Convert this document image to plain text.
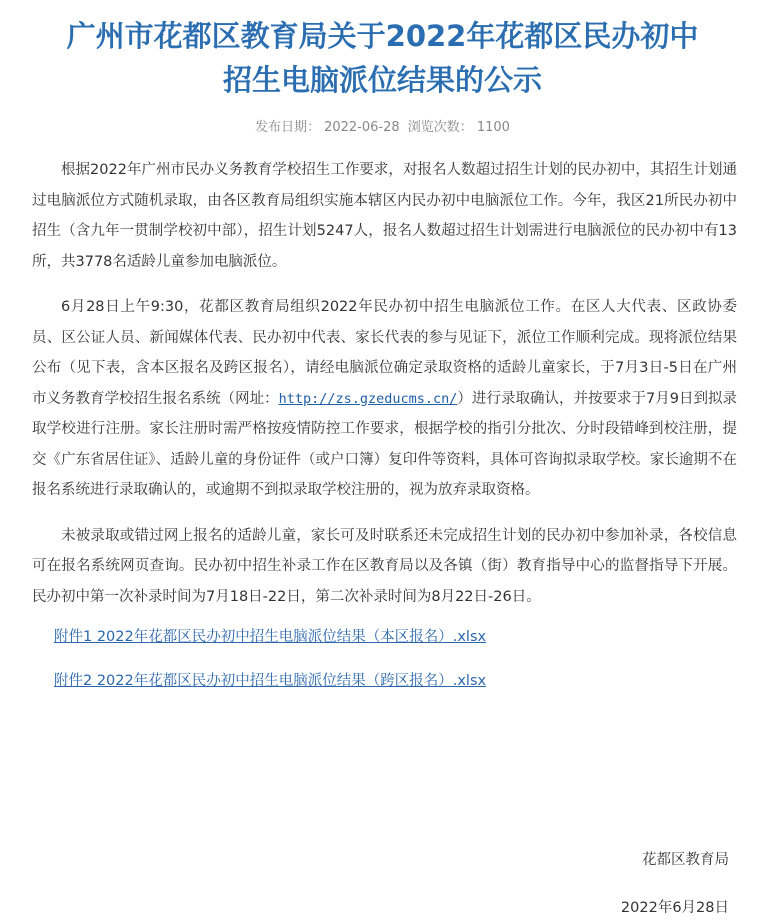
广州市花都区教育局关于2022年花都区民办初中
招生电脑派位结果的公示
发布日期： 2022-06-28 浏览次数： 1100

根据2022年广州市民办义务教育学校招生工作要求，对报名人数超过招生计划的民办初中，其招生计划通过电脑派位方式随机录取，由各区教育局组织实施本辖区内民办初中电脑派位工作。今年，我区21所民办初中招生（含九年一贯制学校初中部），招生计划5247人，报名人数超过招生计划需进行电脑派位的民办初中有13所，共3778名适龄儿童参加电脑派位。

6月28日上午9:30，花都区教育局组织2022年民办初中招生电脑派位工作。在区人大代表、区政协委员、区公证人员、新闻媒体代表、民办初中代表、家长代表的参与见证下，派位工作顺利完成。现将派位结果公布（见下表，含本区报名及跨区报名），请经电脑派位确定录取资格的适龄儿童家长，于7月3日-5日在广州市义务教育学校招生报名系统（网址：http://zs.gzeducms.cn/）进行录取确认，并按要求于7月9日到拟录取学校进行注册。家长注册时需严格按疫情防控工作要求，根据学校的指引分批次、分时段错峰到校注册，提交《广东省居住证》、适龄儿童的身份证件（或户口簿）复印件等资料，具体可咨询拟录取学校。家长逾期不在报名系统进行录取确认的，或逾期不到拟录取学校注册的，视为放弃录取资格。

未被录取或错过网上报名的适龄儿童，家长可及时联系还未完成招生计划的民办初中参加补录，各校信息可在报名系统网页查询。民办初中招生补录工作在区教育局以及各镇（街）教育指导中心的监督指导下开展。民办初中第一次补录时间为7月18日-22日，第二次补录时间为8月22日-26日。

附件1 2022年花都区民办初中招生电脑派位结果（本区报名）.xlsx
附件2 2022年花都区民办初中招生电脑派位结果（跨区报名）.xlsx
花都区教育局
2022年6月28日
